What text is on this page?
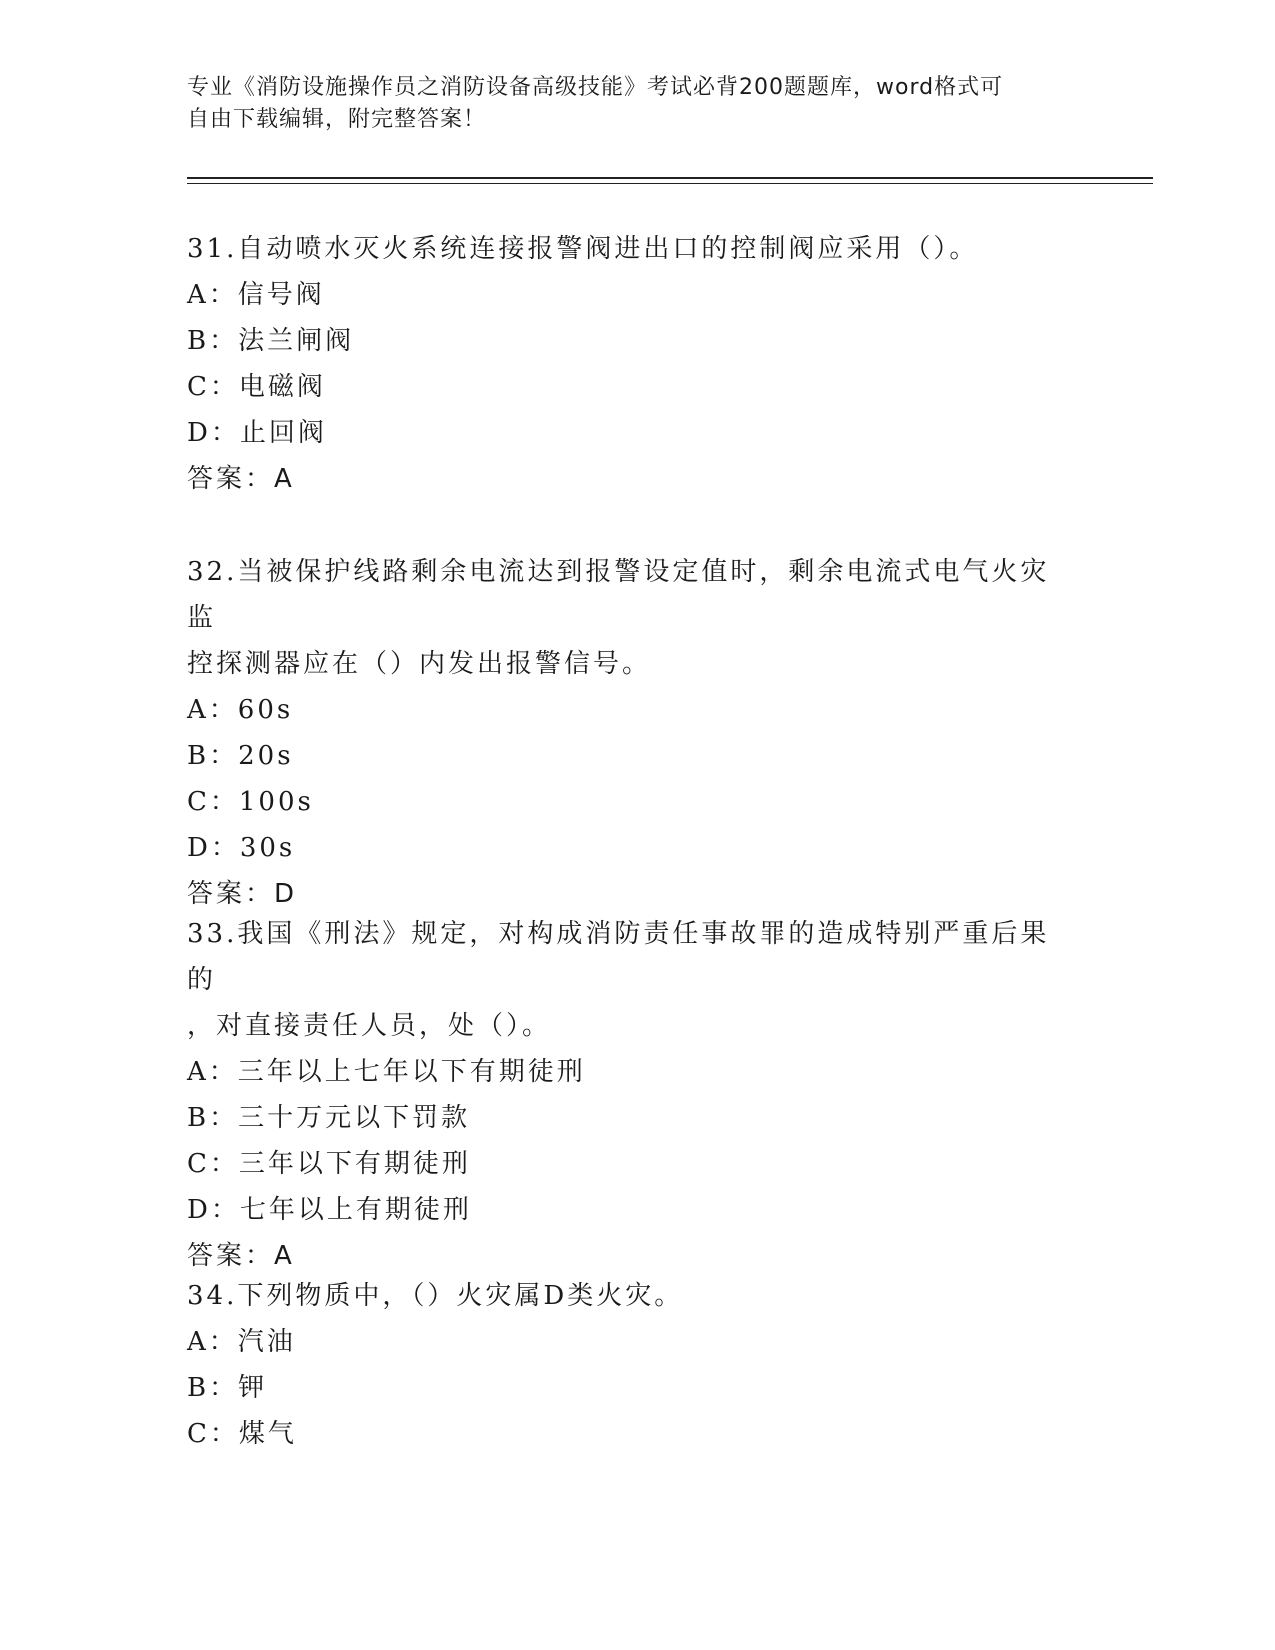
专业《消防设施操作员之消防设备高级技能》考试必背200题题库，word格式可
自由下载编辑，附完整答案！

31.自动喷水灭火系统连接报警阀进出口的控制阀应采用（）。

A：信号阀

B：法兰闸阀

C：电磁阀

D：止回阀

答案：A

32.当被保护线路剩余电流达到报警设定值时，剩余电流式电气火灾监

控探测器应在（）内发出报警信号。

A：60s

B：20s

C：100s

D：30s

答案：D

33.我国《刑法》规定，对构成消防责任事故罪的造成特别严重后果的

，对直接责任人员，处（）。

A：三年以上七年以下有期徒刑

B：三十万元以下罚款

C：三年以下有期徒刑

D：七年以上有期徒刑

答案：A

34.下列物质中，（）火灾属D类火灾。

A：汽油

B：钾

C：煤气
